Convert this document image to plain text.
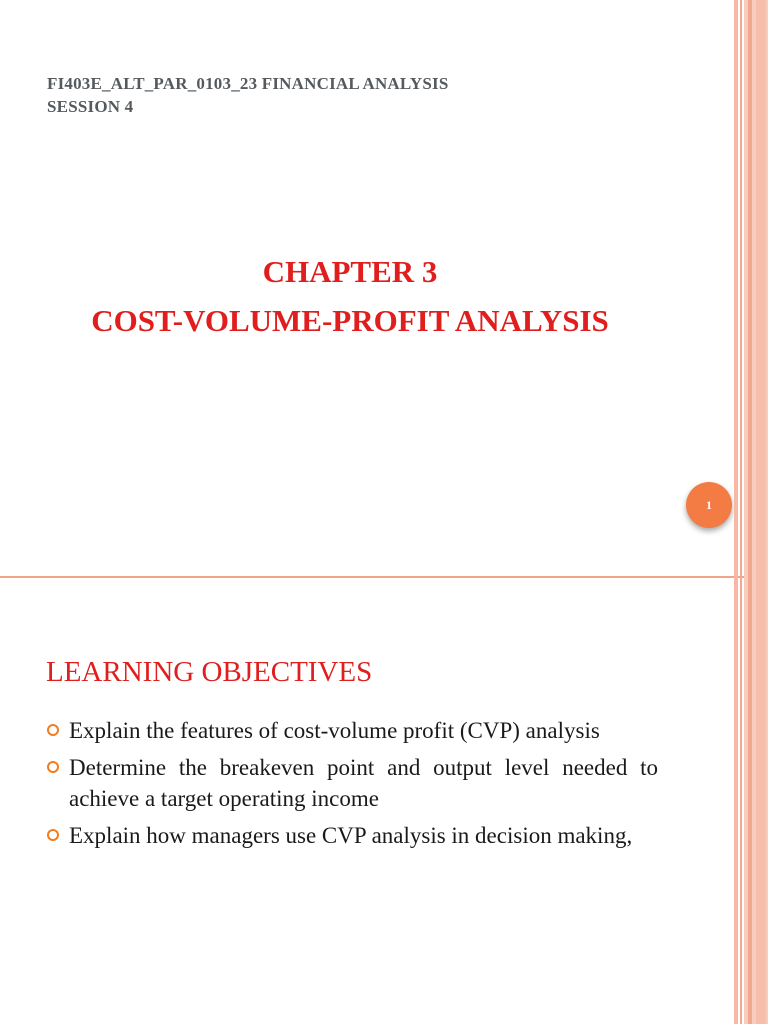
FI403E_ALT_PAR_0103_23 FINANCIAL ANALYSIS
SESSION 4
CHAPTER 3
COST-VOLUME-PROFIT ANALYSIS
1
LEARNING OBJECTIVES
Explain the features of cost-volume profit (CVP) analysis
Determine the breakeven point and output level needed to achieve a target operating income
Explain how managers use CVP analysis in decision making,
